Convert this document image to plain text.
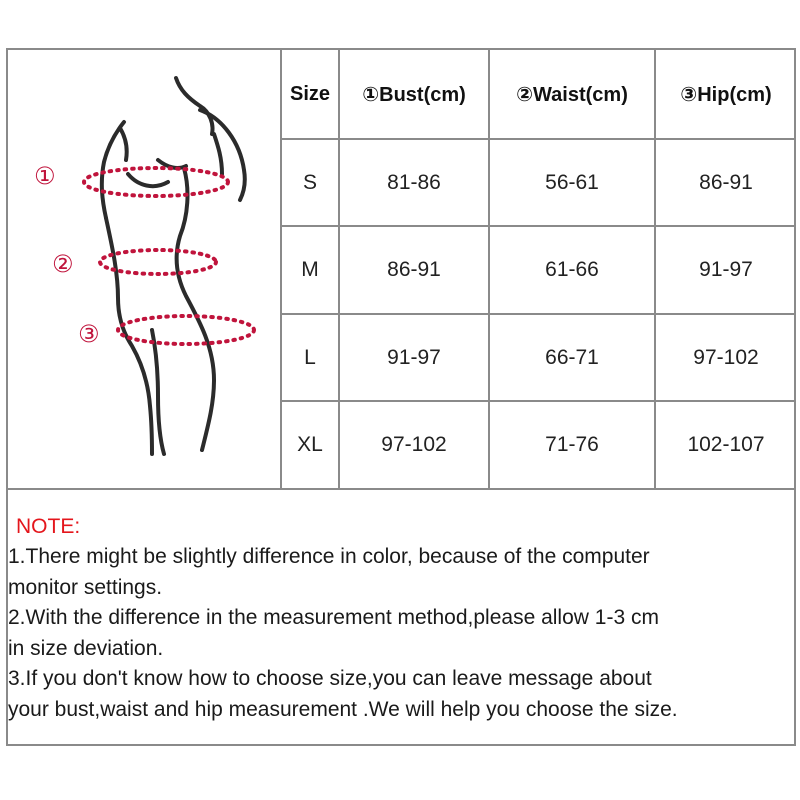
①
②
③
Size	①Bust(cm)	②Waist(cm)	③Hip(cm)
S	81-86	56-61	86-91
M	86-91	61-66	91-97
L	91-97	66-71	97-102
XL	97-102	71-76	102-107
NOTE:
1.There might be slightly difference in color, because of the computer
monitor settings.
2.With the difference in the measurement method,please allow 1-3 cm
in size deviation.
3.If you don't know how to choose size,you can leave message about
your bust,waist and hip measurement .We will help you choose the size.
